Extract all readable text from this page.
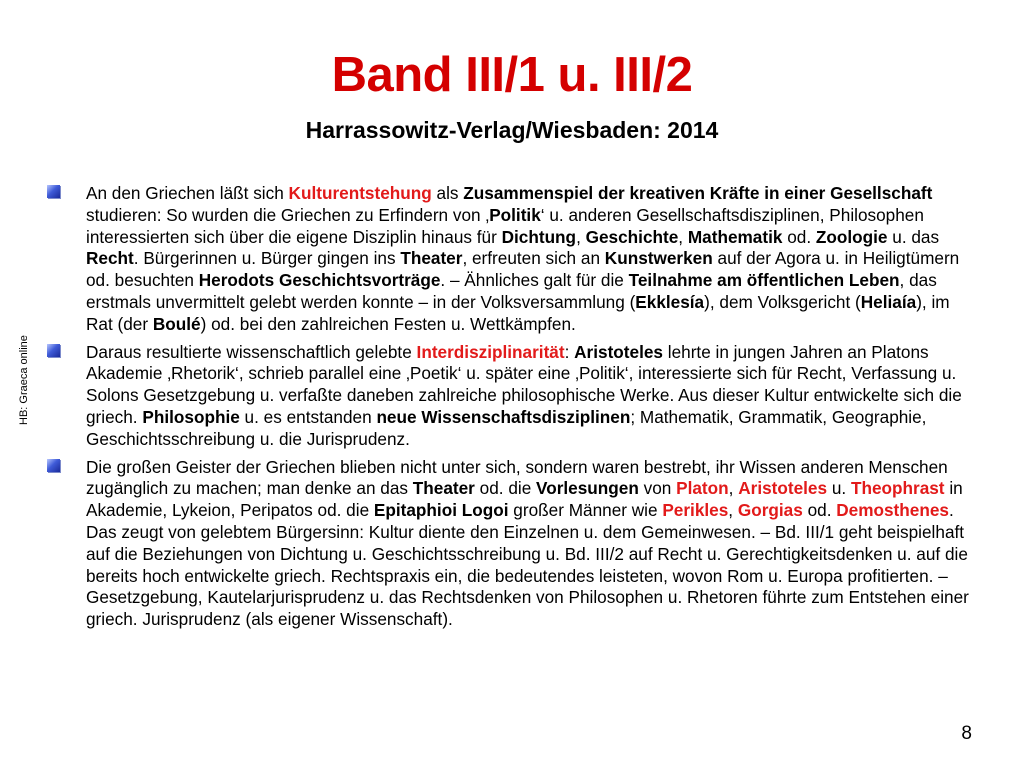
Band III/1 u. III/2
Harrassowitz-Verlag/Wiesbaden: 2014
HB: Graeca online
An den Griechen läßt sich Kulturentstehung als Zusammenspiel der kreativen Kräfte in einer Gesellschaft studieren: So wurden die Griechen zu Erfindern von ‚Politik‘ u. anderen Gesellschaftsdisziplinen, Philosophen interessierten sich über die eigene Disziplin hinaus für Dichtung, Geschichte, Mathematik od. Zoologie u. das Recht. Bürgerinnen u. Bürger gingen ins Theater, erfreuten sich an Kunstwerken auf der Agora u. in Heiligtümern od. besuchten Herodots Geschichtsvorträge. – Ähnliches galt für die Teilnahme am öffentlichen Leben, das erstmals unvermittelt gelebt werden konnte – in der Volksversammlung (Ekklesía), dem Volksgericht (Heliaía), im Rat (der Boulé) od. bei den zahlreichen Festen u. Wettkämpfen.
Daraus resultierte wissenschaftlich gelebte Interdisziplinarität: Aristoteles lehrte in jungen Jahren an Platons Akademie ‚Rhetorik‘, schrieb parallel eine ‚Poetik‘ u. später eine ‚Politik‘, interessierte sich für Recht, Verfassung u. Solons Gesetzgebung u. verfaßte daneben zahlreiche philosophische Werke. Aus dieser Kultur entwickelte sich die griech. Philosophie u. es entstanden neue Wissenschaftsdisziplinen; Mathematik, Grammatik, Geographie, Geschichtsschreibung u. die Jurisprudenz.
Die großen Geister der Griechen blieben nicht unter sich, sondern waren bestrebt, ihr Wissen anderen Menschen zugänglich zu machen; man denke an das Theater od. die Vorlesungen von Platon, Aristoteles u. Theophrast in Akademie, Lykeion, Peripatos od. die Epitaphioi Logoi großer Männer wie Perikles, Gorgias od. Demosthenes. Das zeugt von gelebtem Bürgersinn: Kultur diente den Einzelnen u. dem Gemeinwesen. – Bd. III/1 geht beispielhaft auf die Beziehungen von Dichtung u. Geschichtsschreibung u. Bd. III/2 auf Recht u. Gerechtigkeitsdenken u. auf die bereits hoch entwickelte griech. Rechtspraxis ein, die bedeutendes leisteten, wovon Rom u. Europa profitierten. – Gesetzgebung, Kautelarjurisprudenz u. das Rechtsdenken von Philosophen u. Rhetoren führte zum Entstehen einer griech. Jurisprudenz (als eigener Wissenschaft).
8
